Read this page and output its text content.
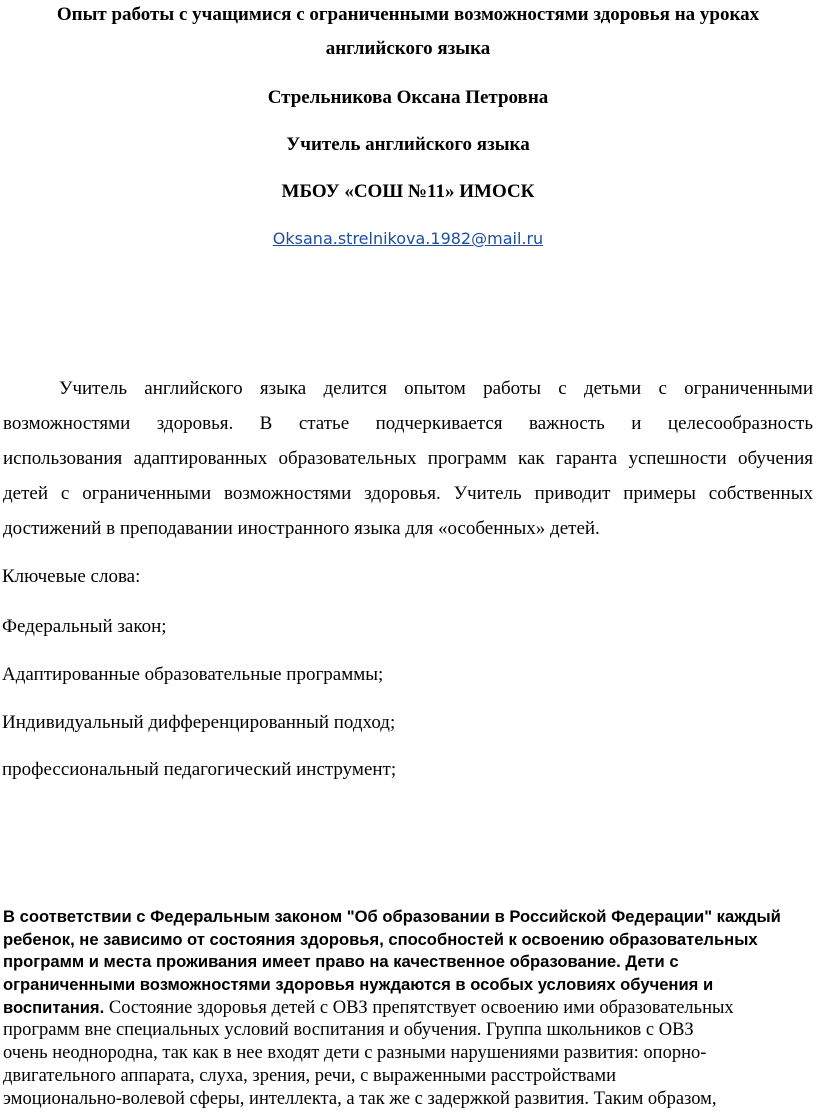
Опыт работы с учащимися с ограниченными возможностями здоровья на уроках
английского языка
Стрельникова Оксана Петровна
Учитель английского языка
МБОУ «СОШ №11» ИМОСК
Oksana.strelnikova.1982@mail.ru
Учитель английского языка делится опытом работы с детьми с ограниченными
возможностями здоровья. В статье подчеркивается важность и целесообразность
использования адаптированных образовательных программ как гаранта успешности обучения
детей с ограниченными возможностями здоровья. Учитель приводит примеры собственных
достижений в преподавании иностранного языка для «особенных» детей.
Ключевые слова:
Федеральный закон;
Адаптированные образовательные программы;
Индивидуальный дифференцированный подход;
профессиональный педагогический инструмент;
В соответствии с Федеральным законом "Об образовании в Российской Федерации" каждый
ребенок, не зависимо от состояния здоровья, способностей к освоению образовательных
программ и места проживания имеет право на качественное образование. Дети с
ограниченными возможностями здоровья нуждаются в особых условиях обучения и
воспитания. Состояние здоровья детей с ОВЗ препятствует освоению ими образовательных
программ вне специальных условий воспитания и обучения. Группа школьников с ОВЗ
очень неоднородна, так как в нее входят дети с разными нарушениями развития: опорно-
двигательного аппарата, слуха, зрения, речи, с выраженными расстройствами
эмоционально-волевой сферы, интеллекта, а так же с задержкой развития. Таким образом,
